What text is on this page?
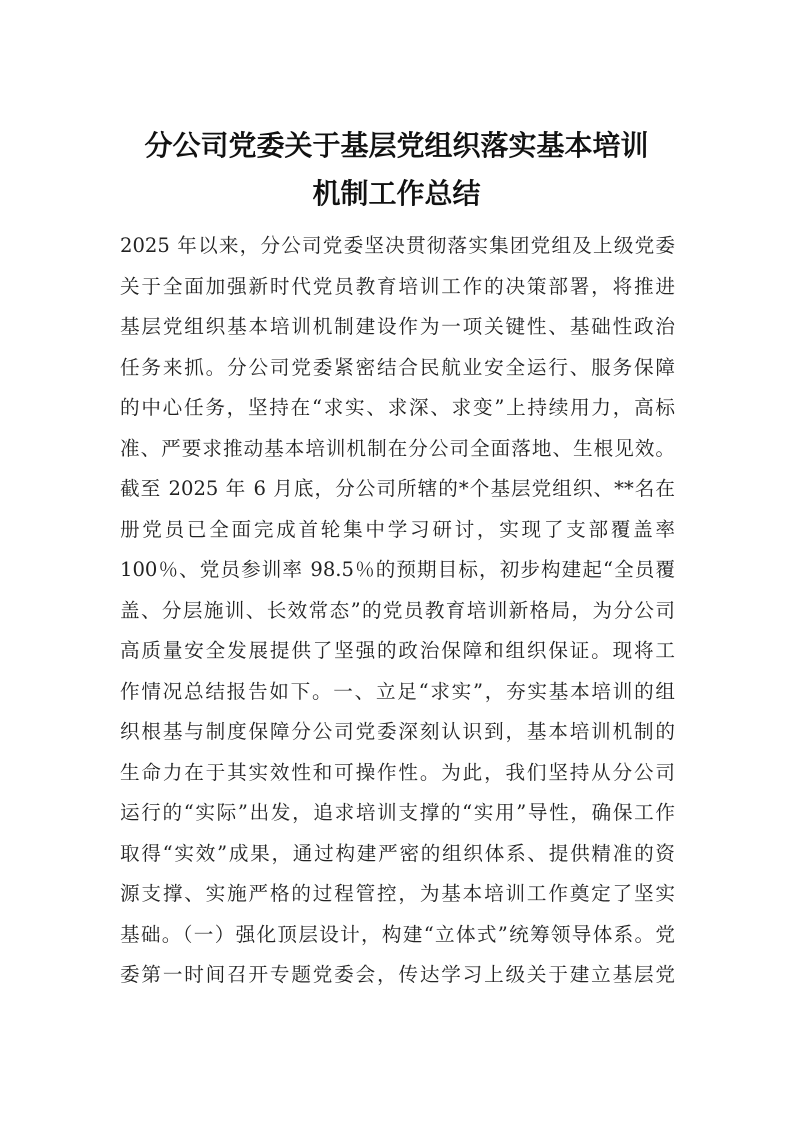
分公司党委关于基层党组织落实基本培训
机制工作总结
2025 年以来，分公司党委坚决贯彻落实集团党组及上级党委
关于全面加强新时代党员教育培训工作的决策部署，将推进
基层党组织基本培训机制建设作为一项关键性、基础性政治
任务来抓。分公司党委紧密结合民航业安全运行、服务保障
的中心任务，坚持在“求实、求深、求变”上持续用力，高标
准、严要求推动基本培训机制在分公司全面落地、生根见效。
截至 2025 年 6 月底，分公司所辖的*个基层党组织、**名在
册党员已全面完成首轮集中学习研讨，实现了支部覆盖率
100％、党员参训率 98.5％的预期目标，初步构建起“全员覆
盖、分层施训、长效常态”的党员教育培训新格局，为分公司
高质量安全发展提供了坚强的政治保障和组织保证。现将工
作情况总结报告如下。一、立足“求实”，夯实基本培训的组
织根基与制度保障分公司党委深刻认识到，基本培训机制的
生命力在于其实效性和可操作性。为此，我们坚持从分公司
运行的“实际”出发，追求培训支撑的“实用”导性，确保工作
取得“实效”成果，通过构建严密的组织体系、提供精准的资
源支撑、实施严格的过程管控，为基本培训工作奠定了坚实
基础。（一）强化顶层设计，构建“立体式”统筹领导体系。党
委第一时间召开专题党委会，传达学习上级关于建立基层党
